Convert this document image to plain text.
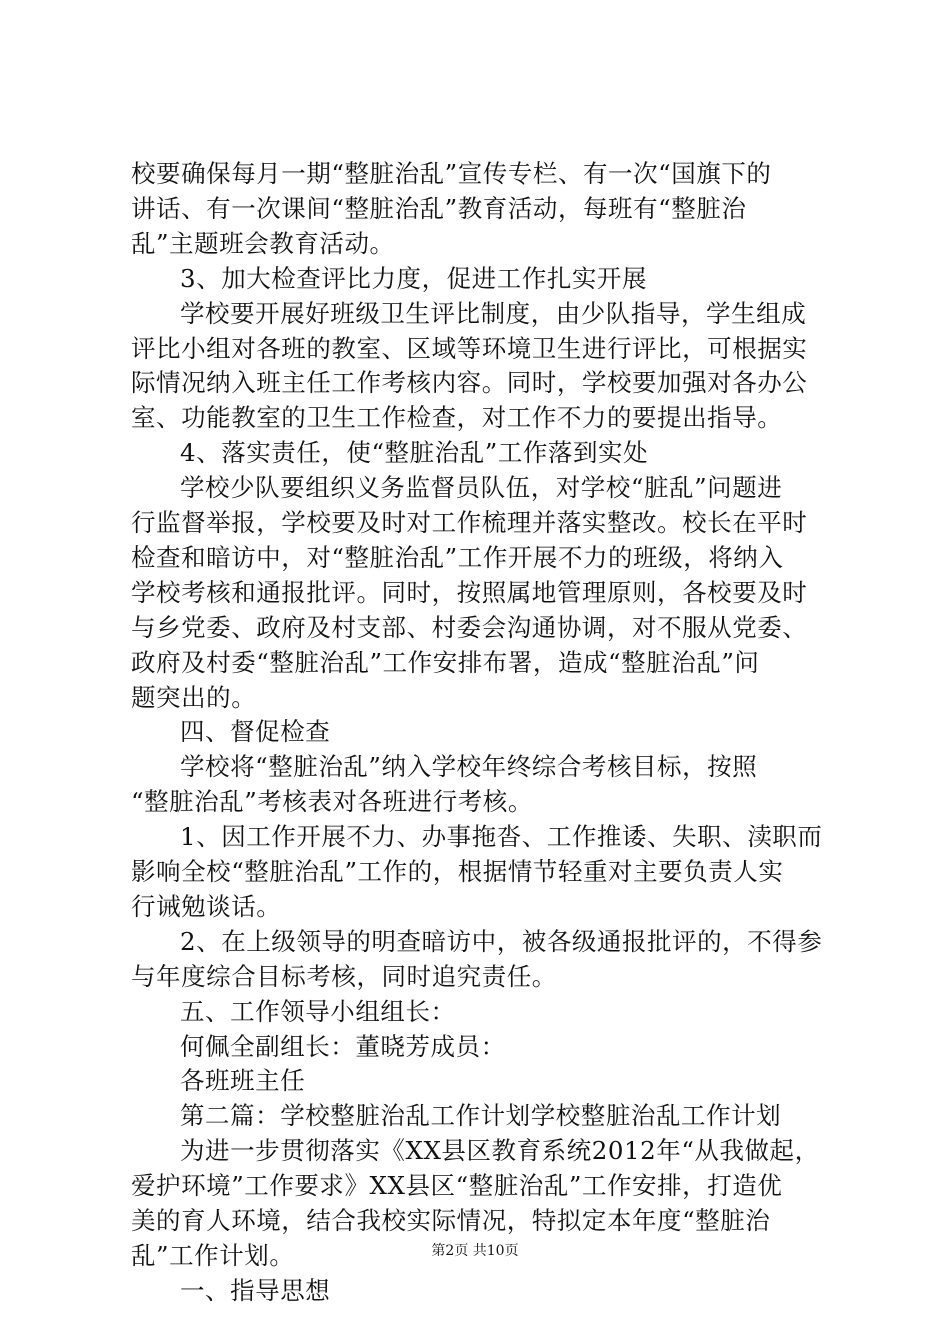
校要确保每月一期“整脏治乱”宣传专栏、有一次“国旗下的
讲话、有一次课间“整脏治乱”教育活动，每班有“整脏治
乱”主题班会教育活动。
3、加大检查评比力度，促进工作扎实开展
学校要开展好班级卫生评比制度，由少队指导，学生组成
评比小组对各班的教室、区域等环境卫生进行评比，可根据实
际情况纳入班主任工作考核内容。同时，学校要加强对各办公
室、功能教室的卫生工作检查，对工作不力的要提出指导。
4、落实责任，使“整脏治乱”工作落到实处
学校少队要组织义务监督员队伍，对学校“脏乱”问题进
行监督举报，学校要及时对工作梳理并落实整改。校长在平时
检查和暗访中，对“整脏治乱”工作开展不力的班级，将纳入
学校考核和通报批评。同时，按照属地管理原则，各校要及时
与乡党委、政府及村支部、村委会沟通协调，对不服从党委、
政府及村委“整脏治乱”工作安排布署，造成“整脏治乱”问
题突出的。
四、督促检查
学校将“整脏治乱”纳入学校年终综合考核目标，按照
“整脏治乱”考核表对各班进行考核。
1、因工作开展不力、办事拖沓、工作推诿、失职、渎职而
影响全校“整脏治乱”工作的，根据情节轻重对主要负责人实
行诫勉谈话。
2、在上级领导的明查暗访中，被各级通报批评的，不得参
与年度综合目标考核，同时追究责任。
五、工作领导小组组长：
何佩全副组长：董晓芳成员：
各班班主任
第二篇：学校整脏治乱工作计划学校整脏治乱工作计划
为进一步贯彻落实《XX县区教育系统2012年“从我做起，
爱护环境”工作要求》XX县区“整脏治乱”工作安排，打造优
美的育人环境，结合我校实际情况，特拟定本年度“整脏治
乱”工作计划。
一、指导思想
第2页 共10页
